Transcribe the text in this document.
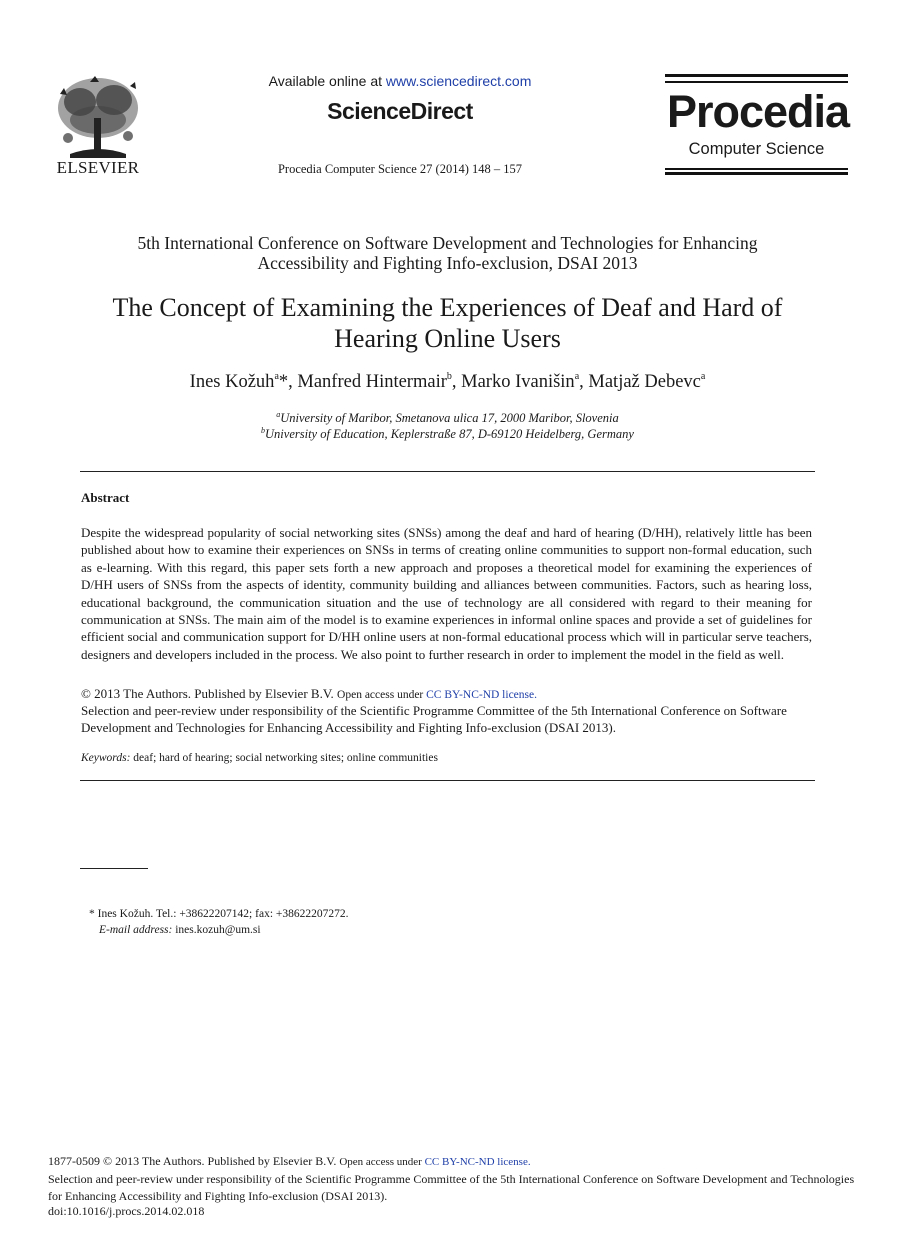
ELSEVIER
Available online at www.sciencedirect.com
ScienceDirect
Procedia Computer Science 27 (2014) 148 – 157
Procedia
Computer Science
5th International Conference on Software Development and Technologies for Enhancing
Accessibility and Fighting Info-exclusion, DSAI 2013
The Concept of Examining the Experiences of Deaf and Hard of
Hearing Online Users
Ines Kožuh$^a$*, Manfred Hintermair$^b$, Marko Ivanišin$^a$, Matjaž Debevc$^a$
$^a$University of Maribor, Smetanova ulica 17, 2000 Maribor, Slovenia
$^b$University of Education, Keplerstraße 87, D-69120 Heidelberg, Germany
Abstract

Despite the widespread popularity of social networking sites (SNSs) among the deaf and hard of hearing (D/HH), relatively little has been published about how to examine their experiences on SNSs in terms of creating online communities to support non-formal education, such as e-learning. With this regard, this paper sets forth a new approach and proposes a theoretical model for examining the experiences of D/HH users of SNSs from the aspects of identity, community building and alliances between communities. Factors, such as hearing loss, educational background, the communication situation and the use of technology are all considered with regard to their meaning for communication at SNSs. The main aim of the model is to examine experiences in informal online spaces and provide a set of guidelines for efficient social and communication support for D/HH online users at non-formal educational process which will in particular serve teachers, designers and developers included in the process. We also point to further research in order to implement the model in the field as well.

© 2013 The Authors. Published by Elsevier B.V. Open access under CC BY-NC-ND license.
Selection and peer-review under responsibility of the Scientific Programme Committee of the 5th International Conference on Software Development and Technologies for Enhancing Accessibility and Fighting Info-exclusion (DSAI 2013).
Keywords: deaf; hard of hearing; social networking sites; online communities
* Ines Kožuh. Tel.: +38622207142; fax: +38622207272.
E-mail address: ines.kozuh@um.si
1877-0509 © 2013 The Authors. Published by Elsevier B.V. Open access under CC BY-NC-ND license.
Selection and peer-review under responsibility of the Scientific Programme Committee of the 5th International Conference on Software Development and Technologies for Enhancing Accessibility and Fighting Info-exclusion (DSAI 2013).
doi:10.1016/j.procs.2014.02.018
